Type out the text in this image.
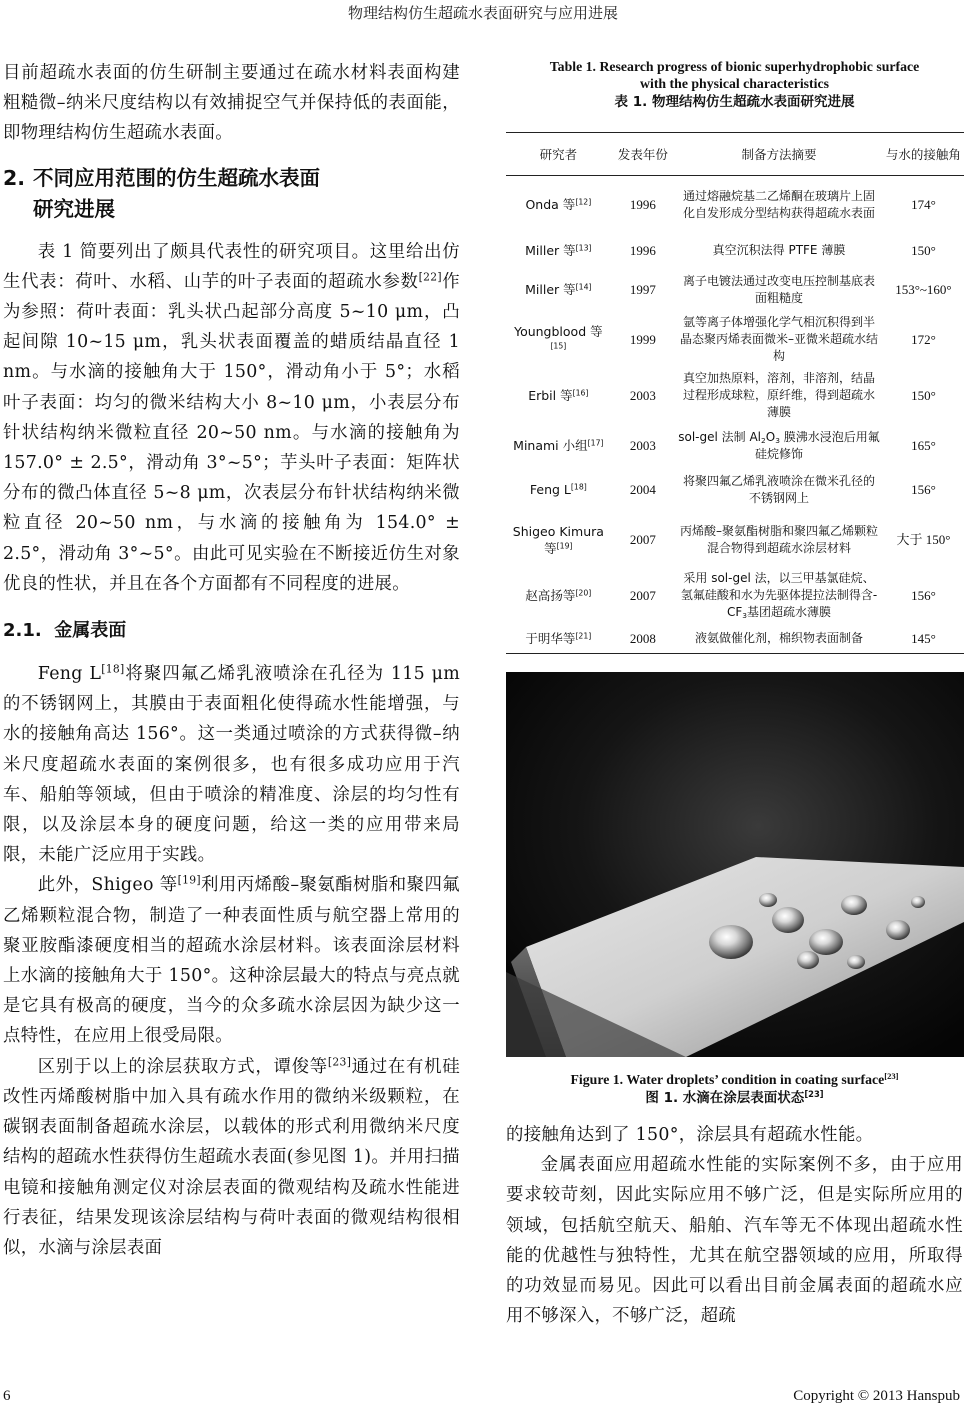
物理结构仿生超疏水表面研究与应用进展

目前超疏水表面的仿生研制主要通过在疏水材料表面构建粗糙微–纳米尺度结构以有效捕捉空气并保持低的表面能，即物理结构仿生超疏水表面。

2. 不同应用范围的仿生超疏水表面
研究进展

表 1 简要列出了颇具代表性的研究项目。这里给出仿生代表：荷叶、水稻、山芋的叶子表面的超疏水参数[22]作为参照：荷叶表面：乳头状凸起部分高度 5~10 μm，凸起间隙 10~15 μm，乳头状表面覆盖的蜡质结晶直径 1 nm。与水滴的接触角大于 150°，滑动角小于 5°；水稻叶子表面：均匀的微米结构大小 8~10 μm，小表层分布针状结构纳米微粒直径 20~50 nm。与水滴的接触角为 157.0° ± 2.5°，滑动角 3°~5°；芋头叶子表面：矩阵状分布的微凸体直径 5~8 μm，次表层分布针状结构纳米微粒直径 20~50 nm，与水滴的接触角为 154.0° ± 2.5°，滑动角 3°~5°。由此可见实验在不断接近仿生对象优良的性状，并且在各个方面都有不同程度的进展。

2.1. 金属表面

Feng L[18]将聚四氟乙烯乳液喷涂在孔径为 115 μm 的不锈钢网上，其膜由于表面粗化使得疏水性能增强，与水的接触角高达 156°。这一类通过喷涂的方式获得微–纳米尺度超疏水表面的案例很多，也有很多成功应用于汽车、船舶等领域，但由于喷涂的精准度、涂层的均匀性有限，以及涂层本身的硬度问题，给这一类的应用带来局限，未能广泛应用于实践。

此外，Shigeo 等[19]利用丙烯酸–聚氨酯树脂和聚四氟乙烯颗粒混合物，制造了一种表面性质与航空器上常用的聚亚胺酯漆硬度相当的超疏水涂层材料。该表面涂层材料上水滴的接触角大于 150°。这种涂层最大的特点与亮点就是它具有极高的硬度，当今的众多疏水涂层因为缺少这一点特性，在应用上很受局限。

区别于以上的涂层获取方式，谭俊等[23]通过在有机硅改性丙烯酸树脂中加入具有疏水作用的微纳米级颗粒，在碳钢表面制备超疏水涂层，以载体的形式利用微纳米尺度结构的超疏水性获得仿生超疏水表面(参见图 1)。并用扫描电镜和接触角测定仪对涂层表面的微观结构及疏水性能进行表征，结果发现该涂层结构与荷叶表面的微观结构很相似，水滴与涂层表面

Table 1. Research progress of bionic superhydrophobic surface
with the physical characteristics
表 1. 物理结构仿生超疏水表面研究进展
研究者	发表年份	制备方法摘要	与水的接触角
Onda 等[12]	1996	通过熔融烷基二乙烯酮在玻璃片上固化自发形成分型结构获得超疏水表面	174°
Miller 等[13]	1996	真空沉积法得 PTFE 薄膜	150°
Miller 等[14]	1997	离子电镀法通过改变电压控制基底表面粗糙度	153°~160°
Youngblood 等[15]	1999	氩等离子体增强化学气相沉积得到半晶态聚丙烯表面微米–亚微米超疏水结构	172°
Erbil 等[16]	2003	真空加热原料，溶剂，非溶剂，结晶过程形成球粒，原纤维，得到超疏水薄膜	150°
Minami 小组[17]	2003	sol-gel 法制 $Al_2O_3$ 膜沸水浸泡后用氟硅烷修饰	165°
Feng L[18]	2004	将聚四氟乙烯乳液喷涂在微米孔径的不锈钢网上	156°
Shigeo Kimura 等[19]	2007	丙烯酸–聚氨酯树脂和聚四氟乙烯颗粒混合物得到超疏水涂层材料	大于 150°
赵高扬等[20]	2007	采用 sol-gel 法，以三甲基氯硅烷、氢氟硅酸和水为先驱体提拉法制得含$-CF_3$基团超疏水薄膜	156°
于明华等[21]	2008	液氨做催化剂，棉织物表面制备	145°
Figure 1. Water droplets’ condition in coating surface[23]
图 1. 水滴在涂层表面状态[23]

的接触角达到了 150°，涂层具有超疏水性能。

金属表面应用超疏水性能的实际案例不多，由于应用要求较苛刻，因此实际应用不够广泛，但是实际所应用的领域，包括航空航天、船舶、汽车等无不体现出超疏水性能的优越性与独特性，尤其在航空器领域的应用，所取得的功效显而易见。因此可以看出目前金属表面的超疏水应用不够深入，不够广泛，超疏

6	Copyright © 2013 Hanspub
